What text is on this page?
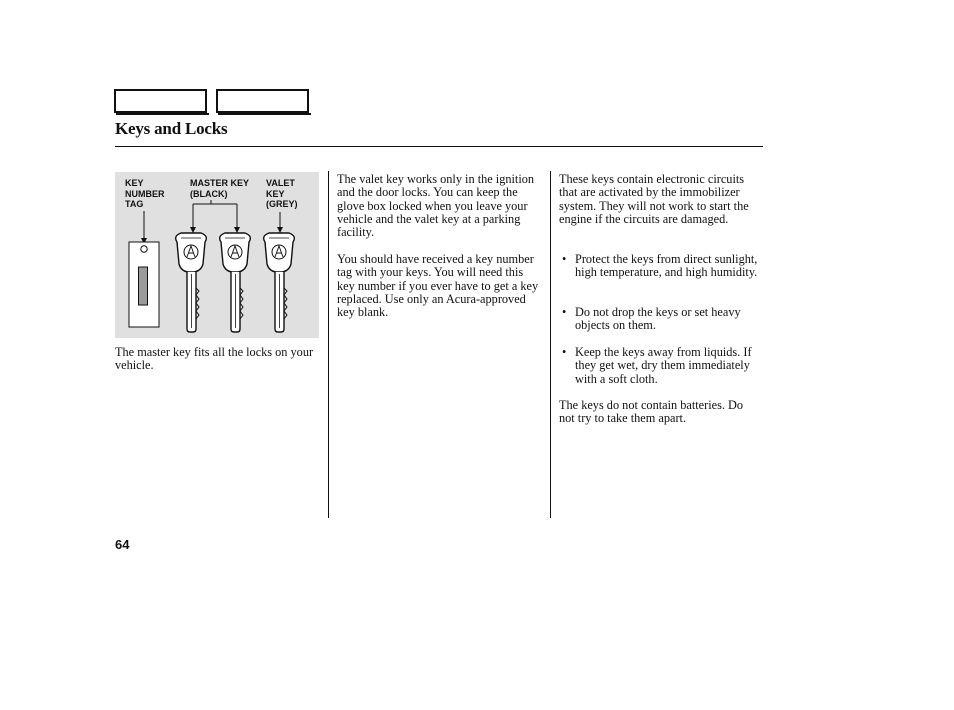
Keys and Locks
KEY
NUMBER
TAG
MASTER KEY
(BLACK)
VALET
KEY
(GREY)

The master key fits all the locks on your vehicle.

The valet key works only in the ignition and the door locks. You can keep the glove box locked when you leave your vehicle and the valet key at a parking facility.

You should have received a key number tag with your keys. You will need this key number if you ever have to get a key replaced. Use only an Acura-approved key blank.

These keys contain electronic circuits that are activated by the immobilizer system. They will not work to start the engine if the circuits are damaged.

• Protect the keys from direct sunlight, high temperature, and high humidity.
• Do not drop the keys or set heavy objects on them.
• Keep the keys away from liquids. If they get wet, dry them immediately with a soft cloth.

The keys do not contain batteries. Do not try to take them apart.

64
